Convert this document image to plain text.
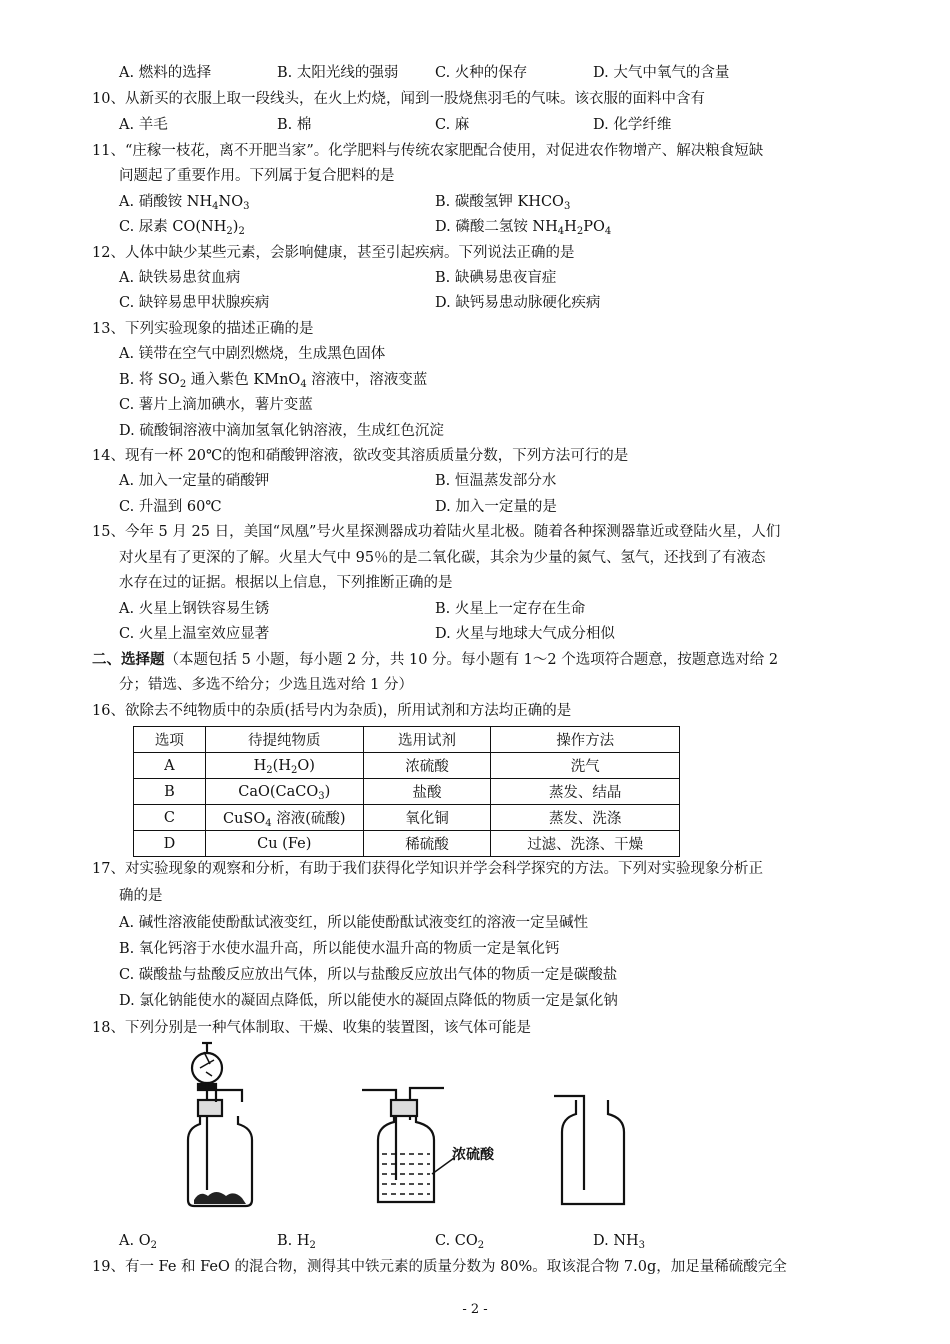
A. 燃料的选择	B. 太阳光线的强弱	C. 火种的保存	D. 大气中氧气的含量
10、从新买的衣服上取一段线头，在火上灼烧，闻到一股烧焦羽毛的气味。该衣服的面料中含有
A. 羊毛	B. 棉	C. 麻	D. 化学纤维
11、“庄稼一枝花，离不开肥当家”。化学肥料与传统农家肥配合使用，对促进农作物增产、解决粮食短缺
问题起了重要作用。下列属于复合肥料的是
A. 硝酸铵 $NH_4NO_3$	B. 碳酸氢钾 $KHCO_3$
C. 尿素 $CO(NH_2)_2$	D. 磷酸二氢铵 $NH_4H_2PO_4$
12、人体中缺少某些元素，会影响健康，甚至引起疾病。下列说法正确的是
A. 缺铁易患贫血病	B. 缺碘易患夜盲症
C. 缺锌易患甲状腺疾病	D. 缺钙易患动脉硬化疾病
13、下列实验现象的描述正确的是
A. 镁带在空气中剧烈燃烧，生成黑色固体
B. 将 $SO_2$ 通入紫色 KMnO$_4$ 溶液中，溶液变蓝
C. 薯片上滴加碘水，薯片变蓝
D. 硫酸铜溶液中滴加氢氧化钠溶液，生成红色沉淀
14、现有一杯 20℃的饱和硝酸钾溶液，欲改变其溶质质量分数，下列方法可行的是
A. 加入一定量的硝酸钾	B. 恒温蒸发部分水
C. 升温到 60℃	D. 加入一定量的是
15、今年 5 月 25 日，美国“凤凰”号火星探测器成功着陆火星北极。随着各种探测器靠近或登陆火星，人们
对火星有了更深的了解。火星大气中 95％的是二氧化碳，其余为少量的氮气、氢气，还找到了有液态
水存在过的证据。根据以上信息，下列推断正确的是
A. 火星上钢铁容易生锈	B. 火星上一定存在生命
C. 火星上温室效应显著	D. 火星与地球大气成分相似
二、选择题（本题包括 5 小题，每小题 2 分，共 10 分。每小题有 1～2 个选项符合题意，按题意选对给 2
分；错选、多选不给分；少选且选对给 1 分）
16、欲除去不纯物质中的杂质(括号内为杂质)，所用试剂和方法均正确的是
选项	待提纯物质	选用试剂	操作方法
A	$H_2(H_2O)$	浓硫酸	洗气
B	CaO(CaCO$_3$)	盐酸	蒸发、结晶
C	CuSO$_4$ 溶液(硫酸)	氧化铜	蒸发、洗涤
D	Cu (Fe)	稀硫酸	过滤、洗涤、干燥
17、对实验现象的观察和分析，有助于我们获得化学知识并学会科学探究的方法。下列对实验现象分析正
确的是
A. 碱性溶液能使酚酞试液变红，所以能使酚酞试液变红的溶液一定呈碱性
B. 氧化钙溶于水使水温升高，所以能使水温升高的物质一定是氧化钙
C. 碳酸盐与盐酸反应放出气体，所以与盐酸反应放出气体的物质一定是碳酸盐
D. 氯化钠能使水的凝固点降低，所以能使水的凝固点降低的物质一定是氯化钠
18、下列分别是一种气体制取、干燥、收集的装置图，该气体可能是
浓硫酸
A. $O_2$	B. $H_2$	C. $CO_2$	D. $NH_3$
19、有一 Fe 和 FeO 的混合物，测得其中铁元素的质量分数为 80%。取该混合物 7.0g，加足量稀硫酸完全
- 2 -
